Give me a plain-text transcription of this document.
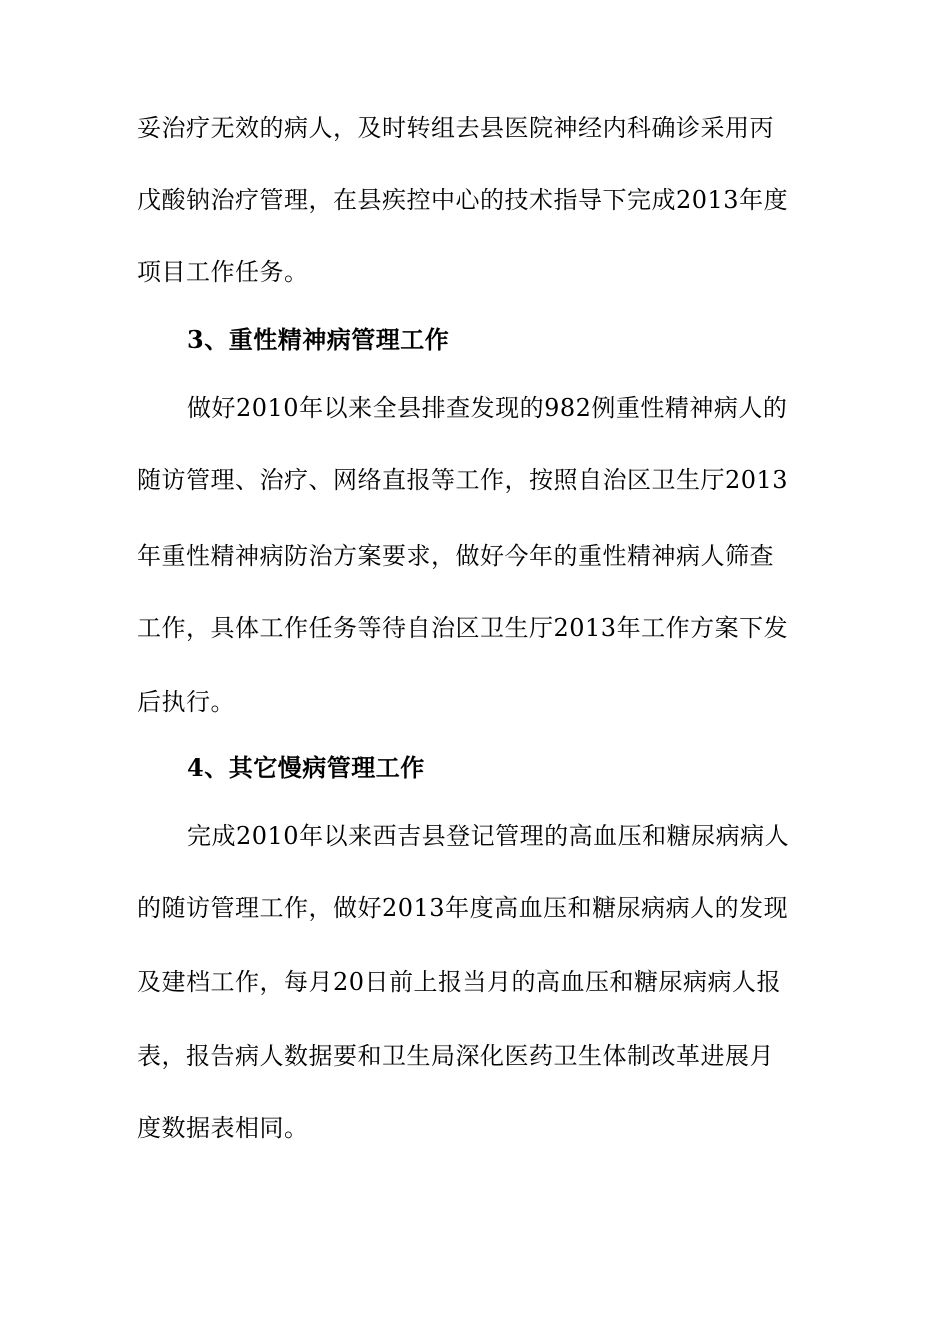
妥治疗无效的病人，及时转组去县医院神经内科确诊采用丙
戊酸钠治疗管理，在县疾控中心的技术指导下完成2013年度
项目工作任务。
3、重性精神病管理工作
做好2010年以来全县排查发现的982例重性精神病人的
随访管理、治疗、网络直报等工作，按照自治区卫生厅2013
年重性精神病防治方案要求，做好今年的重性精神病人筛查
工作，具体工作任务等待自治区卫生厅2013年工作方案下发
后执行。
4、其它慢病管理工作
完成2010年以来西吉县登记管理的高血压和糖尿病病人
的随访管理工作，做好2013年度高血压和糖尿病病人的发现
及建档工作，每月20日前上报当月的高血压和糖尿病病人报
表，报告病人数据要和卫生局深化医药卫生体制改革进展月
度数据表相同。
